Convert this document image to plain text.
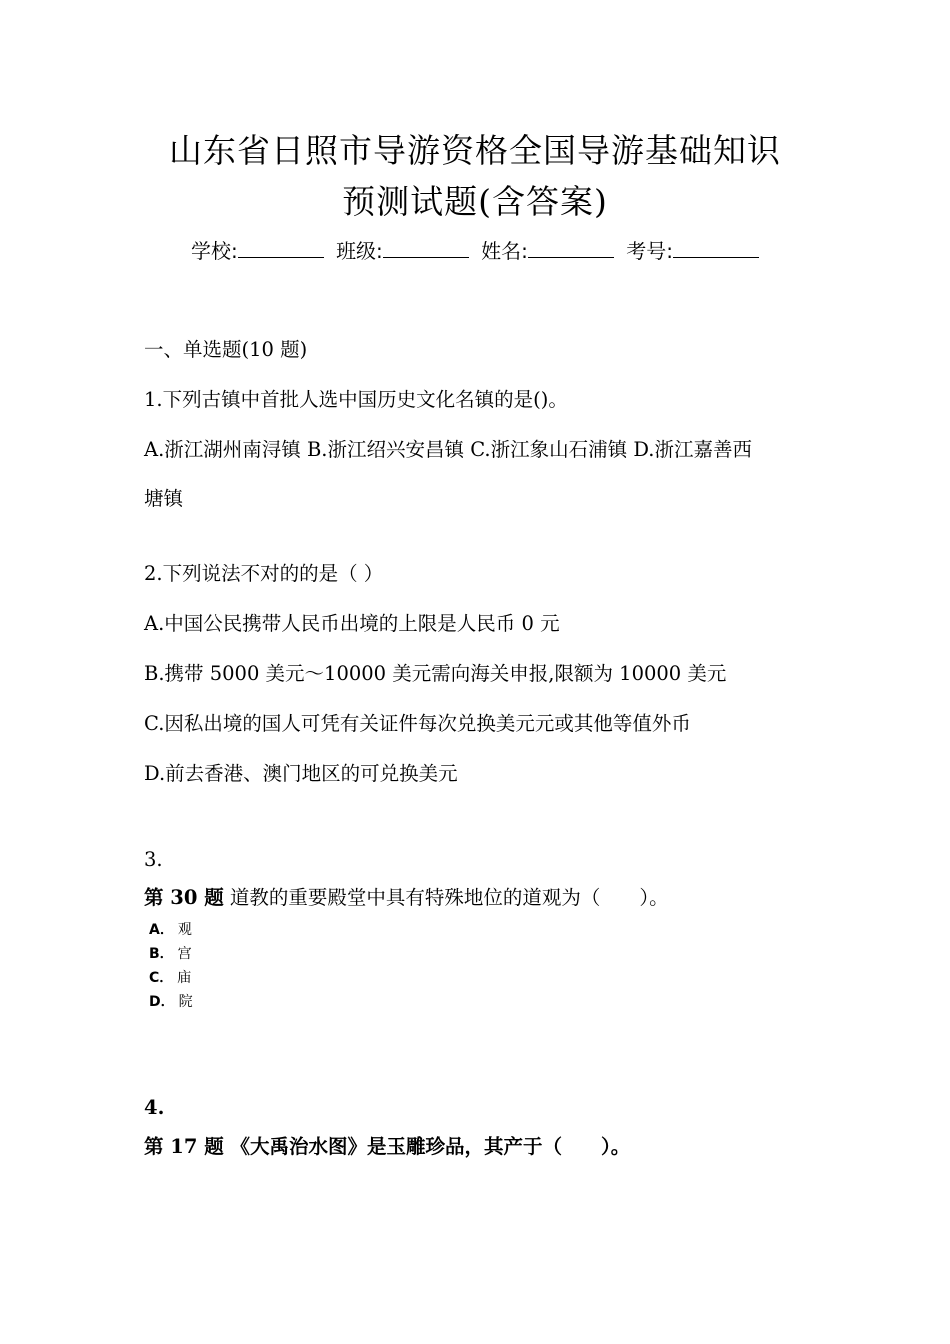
山东省日照市导游资格全国导游基础知识
预测试题(含答案)
学校:	班级:	姓名:	考号:
一、单选题(10 题)
1.下列古镇中首批人选中国历史文化名镇的是()。
A.浙江湖州南浔镇 B.浙江绍兴安昌镇 C.浙江象山石浦镇 D.浙江嘉善西
塘镇
2.下列说法不对的的是（ ）
A.中国公民携带人民币出境的上限是人民币 0 元
B.携带 5000 美元～10000 美元需向海关申报,限额为 10000 美元
C.因私出境的国人可凭有关证件每次兑换美元元或其他等值外币
D.前去香港、澳门地区的可兑换美元
3.
第 30 题 道教的重要殿堂中具有特殊地位的道观为（　　）。
A． 观
B． 宫
C． 庙
D． 院
4.
第 17 题 《大禹治水图》是玉雕珍品，其产于（　　）。
